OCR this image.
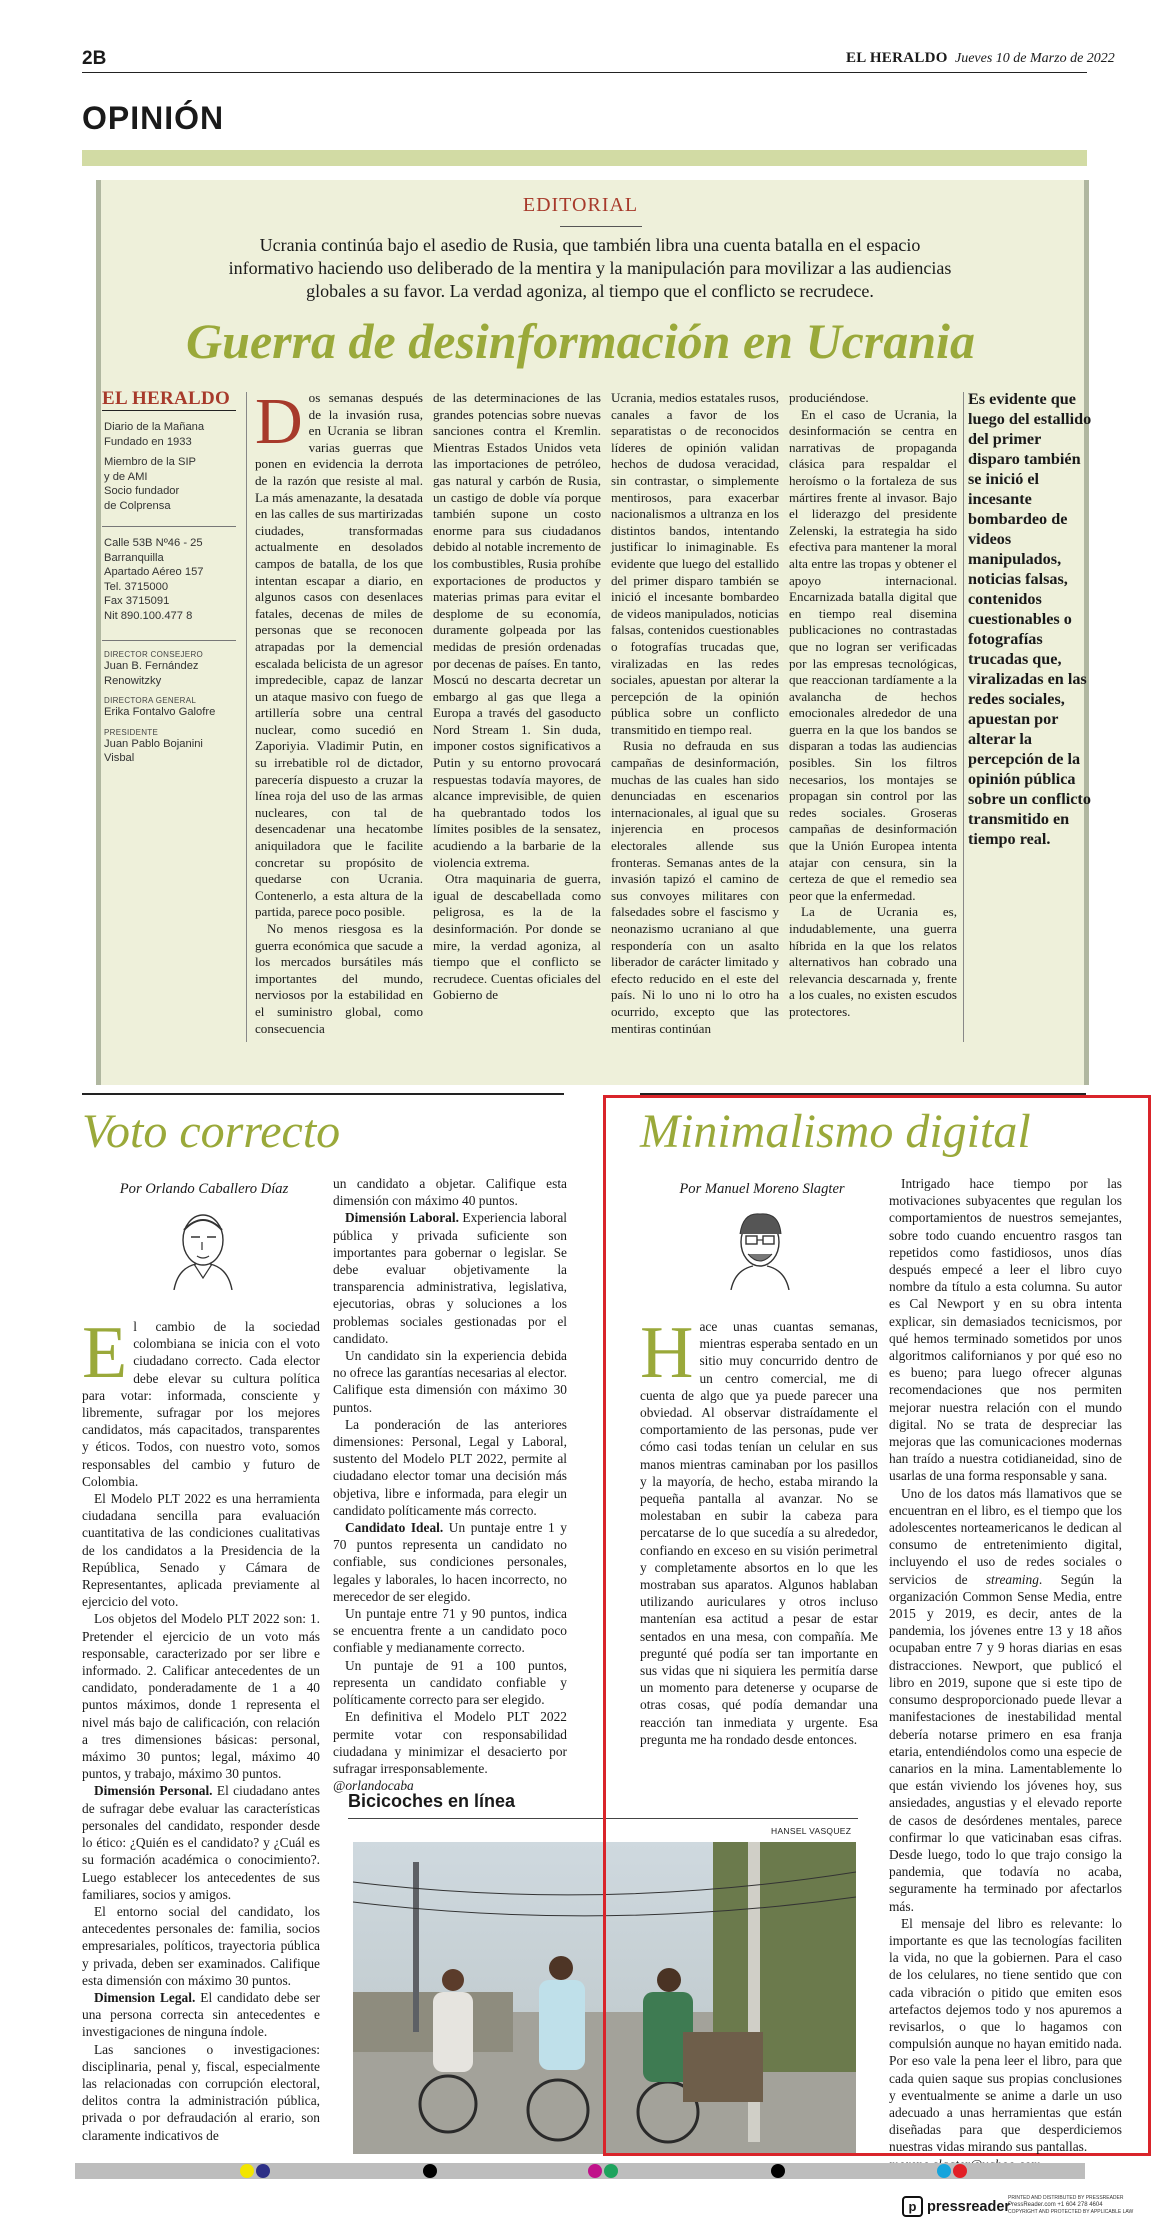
2B	EL HERALDO Jueves 10 de Marzo de 2022
OPINIÓN
EDITORIAL
Ucrania continúa bajo el asedio de Rusia, que también libra una cuenta batalla en el espacio informativo haciendo uso deliberado de la mentira y la manipulación para movilizar a las audiencias globales a su favor. La verdad agoniza, al tiempo que el conflicto se recrudece.
Guerra de desinformación en Ucrania
EL HERALDO
Diario de la Mañana
Fundado en 1933
Miembro de la SIP
y de AMI
Socio fundador
de Colprensa
Calle 53B Nº46 - 25
Barranquilla
Apartado Aéreo 157
Tel. 3715000
Fax 3715091
Nit 890.100.477 8
DIRECTOR CONSEJERO
Juan B. Fernández
Renowitzky
DIRECTORA GENERAL
Erika Fontalvo Galofre
PRESIDENTE
Juan Pablo Bojanini
Visbal
D os semanas después de la invasión rusa, en Ucrania se libran varias guerras que ponen en evidencia la derrota de la razón que resiste al mal. La más amenazante, la desatada en las calles de sus martirizadas ciudades, transformadas actualmente en desolados campos de batalla, de los que intentan escapar a diario, en algunos casos con desenlaces fatales, decenas de miles de personas que se reconocen atrapadas por la demencial escalada belicista de un agresor impredecible, capaz de lanzar un ataque masivo con fuego de artillería sobre una central nuclear, como sucedió en Zaporiyia. Vladimir Putin, en su irrebatible rol de dictador, parecería dispuesto a cruzar la línea roja del uso de las armas nucleares, con tal de desencadenar una hecatombe aniquiladora que le facilite concretar su propósito de quedarse con Ucrania. Contenerlo, a esta altura de la partida, parece poco posible.

No menos riesgosa es la guerra económica que sacude a los mercados bursátiles más importantes del mundo, nerviosos por la estabilidad en el suministro global, como consecuencia

de las determinaciones de las grandes potencias sobre nuevas sanciones contra el Kremlin. Mientras Estados Unidos veta las importaciones de petróleo, gas natural y carbón de Rusia, un castigo de doble vía porque también supone un costo enorme para sus ciudadanos debido al notable incremento de los combustibles, Rusia prohíbe exportaciones de productos y materias primas para evitar el desplome de su economía, duramente golpeada por las medidas de presión ordenadas por decenas de países. En tanto, Moscú no descarta decretar un embargo al gas que llega a Europa a través del gasoducto Nord Stream 1. Sin duda, imponer costos significativos a Putin y su entorno provocará respuestas todavía mayores, de alcance imprevisible, de quien ha quebrantado todos los límites posibles de la sensatez, acudiendo a la barbarie de la violencia extrema.

Otra maquinaria de guerra, igual de descabellada como peligrosa, es la de la desinformación. Por donde se mire, la verdad agoniza, al tiempo que el conflicto se recrudece. Cuentas oficiales del Gobierno de

Ucrania, medios estatales rusos, canales a favor de los separatistas o de reconocidos líderes de opinión validan hechos de dudosa veracidad, sin contrastar, o simplemente mentirosos, para exacerbar nacionalismos a ultranza en los distintos bandos, intentando justificar lo inimaginable. Es evidente que luego del estallido del primer disparo también se inició el incesante bombardeo de videos manipulados, noticias falsas, contenidos cuestionables o fotografías trucadas que, viralizadas en las redes sociales, apuestan por alterar la percepción de la opinión pública sobre un conflicto transmitido en tiempo real.

Rusia no defrauda en sus campañas de desinformación, muchas de las cuales han sido denunciadas en escenarios internacionales, al igual que su injerencia en procesos electorales allende sus fronteras. Semanas antes de la invasión tapizó el camino de sus convoyes militares con falsedades sobre el fascismo y neonazismo ucraniano al que respondería con un asalto liberador de carácter limitado y efecto reducido en el este del país. Ni lo uno ni lo otro ha ocurrido, excepto que las mentiras continúan

produciéndose.

En el caso de Ucrania, la desinformación se centra en narrativas de propaganda clásica para respaldar el heroísmo o la fortaleza de sus mártires frente al invasor. Bajo el liderazgo del presidente Zelenski, la estrategia ha sido efectiva para mantener la moral alta entre las tropas y obtener el apoyo internacional. Encarnizada batalla digital que en tiempo real disemina publicaciones no contrastadas que no logran ser verificadas por las empresas tecnológicas, que reaccionan tardíamente a la avalancha de hechos emocionales alrededor de una guerra en la que los bandos se disparan a todas las audiencias posibles. Sin los filtros necesarios, los montajes se propagan sin control por las redes sociales. Groseras campañas de desinformación que la Unión Europea intenta atajar con censura, sin la certeza de que el remedio sea peor que la enfermedad.

La de Ucrania es, indudablemente, una guerra híbrida en la que los relatos alternativos han cobrado una relevancia descarnada y, frente a los cuales, no existen escudos protectores.

Es evidente que luego del estallido del primer disparo también se inició el incesante bombardeo de videos manipulados, noticias falsas, contenidos cuestionables o fotografías trucadas que, viralizadas en las redes sociales, apuestan por alterar la percepción de la opinión pública sobre un conflicto transmitido en tiempo real.
Voto correcto
Por Orlando Caballero Díaz
E l cambio de la sociedad colombiana se inicia con el voto ciudadano correcto. Cada elector debe elevar su cultura política para votar: informada, consciente y libremente, sufragar por los mejores candidatos, más capacitados, transparentes y éticos. Todos, con nuestro voto, somos responsables del cambio y futuro de Colombia.

El Modelo PLT 2022 es una herramienta ciudadana sencilla para evaluación cuantitativa de las condiciones cualitativas de los candidatos a la Presidencia de la República, Senado y Cámara de Representantes, aplicada previamente al ejercicio del voto.

Los objetos del Modelo PLT 2022 son: 1. Pretender el ejercicio de un voto más responsable, caracterizado por ser libre e informado. 2. Calificar antecedentes de un candidato, ponderadamente de 1 a 40 puntos máximos, donde 1 representa el nivel más bajo de calificación, con relación a tres dimensiones básicas: personal, máximo 30 puntos; legal, máximo 40 puntos, y trabajo, máximo 30 puntos.

Dimensión Personal. El ciudadano antes de sufragar debe evaluar las características personales del candidato, responder desde lo ético: ¿Quién es el candidato? y ¿Cuál es su formación académica o conocimiento?. Luego establecer los antecedentes de sus familiares, socios y amigos.

El entorno social del candidato, los antecedentes personales de: familia, socios empresariales, políticos, trayectoria pública y privada, deben ser examinados. Califique esta dimensión con máximo 30 puntos.

Dimension Legal. El candidato debe ser una persona correcta sin antecedentes e investigaciones de ninguna índole.

Las sanciones o investigaciones: disciplinaria, penal y, fiscal, especialmente las relacionadas con corrupción electoral, delitos contra la administración pública, privada o por defraudación al erario, son claramente indicativos de

un candidato a objetar. Califique esta dimensión con máximo 40 puntos.

Dimensión Laboral. Experiencia laboral pública y privada suficiente son importantes para gobernar o legislar. Se debe evaluar objetivamente la transparencia administrativa, legislativa, ejecutorias, obras y soluciones a los problemas sociales gestionadas por el candidato.

Un candidato sin la experiencia debida no ofrece las garantías necesarias al elector. Califique esta dimensión con máximo 30 puntos.

La ponderación de las anteriores dimensiones: Personal, Legal y Laboral, sustento del Modelo PLT 2022, permite al ciudadano elector tomar una decisión más objetiva, libre e informada, para elegir un candidato políticamente más correcto.

Candidato Ideal. Un puntaje entre 1 y 70 puntos representa un candidato no confiable, sus condiciones personales, legales y laborales, lo hacen incorrecto, no merecedor de ser elegido.

Un puntaje entre 71 y 90 puntos, indica se encuentra frente a un candidato poco confiable y medianamente correcto.

Un puntaje de 91 a 100 puntos, representa un candidato confiable y políticamente correcto para ser elegido.

En definitiva el Modelo PLT 2022 permite votar con responsabilidad ciudadana y minimizar el desacierto por sufragar irresponsablemente.

@orlandocaba

Bicicoches en línea
HANSEL VASQUEZ
Minimalismo digital
Por Manuel Moreno Slagter
H ace unas cuantas semanas, mientras esperaba sentado en un sitio muy concurrido dentro de un centro comercial, me di cuenta de algo que ya puede parecer una obviedad. Al observar distraídamente el comportamiento de las personas, pude ver cómo casi todas tenían un celular en sus manos mientras caminaban por los pasillos y la mayoría, de hecho, estaba mirando la pequeña pantalla al avanzar. No se molestaban en subir la cabeza para percatarse de lo que sucedía a su alrededor, confiando en exceso en su visión perimetral y completamente absortos en lo que les mostraban sus aparatos. Algunos hablaban utilizando auriculares y otros incluso mantenían esa actitud a pesar de estar sentados en una mesa, con compañía. Me pregunté qué podía ser tan importante en sus vidas que ni siquiera les permitía darse un momento para detenerse y ocuparse de otras cosas, qué podía demandar una reacción tan inmediata y urgente. Esa pregunta me ha rondado desde entonces.

Intrigado hace tiempo por las motivaciones subyacentes que regulan los comportamientos de nuestros semejantes, sobre todo cuando encuentro rasgos tan repetidos como fastidiosos, unos días después empecé a leer el libro cuyo nombre da título a esta columna. Su autor es Cal Newport y en su obra intenta explicar, sin demasiados tecnicismos, por qué hemos terminado sometidos por unos algoritmos californianos y por qué eso no es bueno; para luego ofrecer algunas recomendaciones que nos permiten mejorar nuestra relación con el mundo digital. No se trata de despreciar las mejoras que las comunicaciones modernas han traído a nuestra cotidianeidad, sino de usarlas de una forma responsable y sana.

Uno de los datos más llamativos que se encuentran en el libro, es el tiempo que los adolescentes norteamericanos le dedican al consumo de entretenimiento digital, incluyendo el uso de redes sociales o servicios de streaming. Según la organización Common Sense Media, entre 2015 y 2019, es decir, antes de la pandemia, los jóvenes entre 13 y 18 años ocupaban entre 7 y 9 horas diarias en esas distracciones. Newport, que publicó el libro en 2019, supone que si este tipo de consumo desproporcionado puede llevar a manifestaciones de inestabilidad mental debería notarse primero en esa franja etaria, entendiéndolos como una especie de canarios en la mina. Lamentablemente lo que están viviendo los jóvenes hoy, sus ansiedades, angustias y el elevado reporte de casos de desórdenes mentales, parece confirmar lo que vaticinaban esas cifras. Desde luego, todo lo que trajo consigo la pandemia, que todavía no acaba, seguramente ha terminado por afectarlos más.

El mensaje del libro es relevante: lo importante es que las tecnologías faciliten la vida, no que la gobiernen. Para el caso de los celulares, no tiene sentido que con cada vibración o pitido que emiten esos artefactos dejemos todo y nos apuremos a revisarlos, o que lo hagamos con compulsión aunque no hayan emitido nada. Por eso vale la pena leer el libro, para que cada quien saque sus propias conclusiones y eventualmente se anime a darle un uso adecuado a unas herramientas que están diseñadas para que desperdiciemos nuestras vidas mirando sus pantallas.

p pressreader
PRINTED AND DISTRIBUTED BY PRESSREADER
PressReader.com +1 604 278 4604
COPYRIGHT AND PROTECTED BY APPLICABLE LAW
